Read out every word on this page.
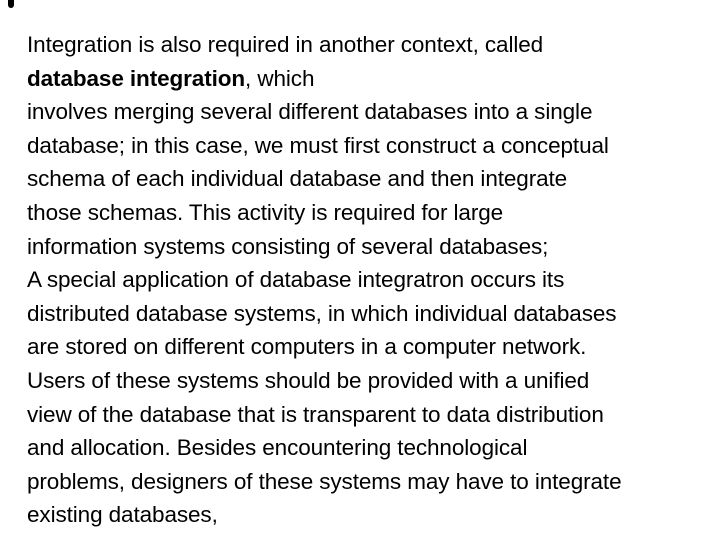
Integration is also required in another context, called
database integration, which
involves merging several different databases into a single
database; in this case, we must first construct a conceptual
schema of each individual database and then integrate
those schemas. This activity is required for large
information systems consisting of several databases;
A special application of database integratron occurs its
distributed database systems, in which individual databases
are stored on different computers in a computer network.
Users of these systems should be provided with a unified
view of the database that is transparent to data distribution
and allocation. Besides encountering technological
problems, designers of these systems may have to integrate
existing databases,
